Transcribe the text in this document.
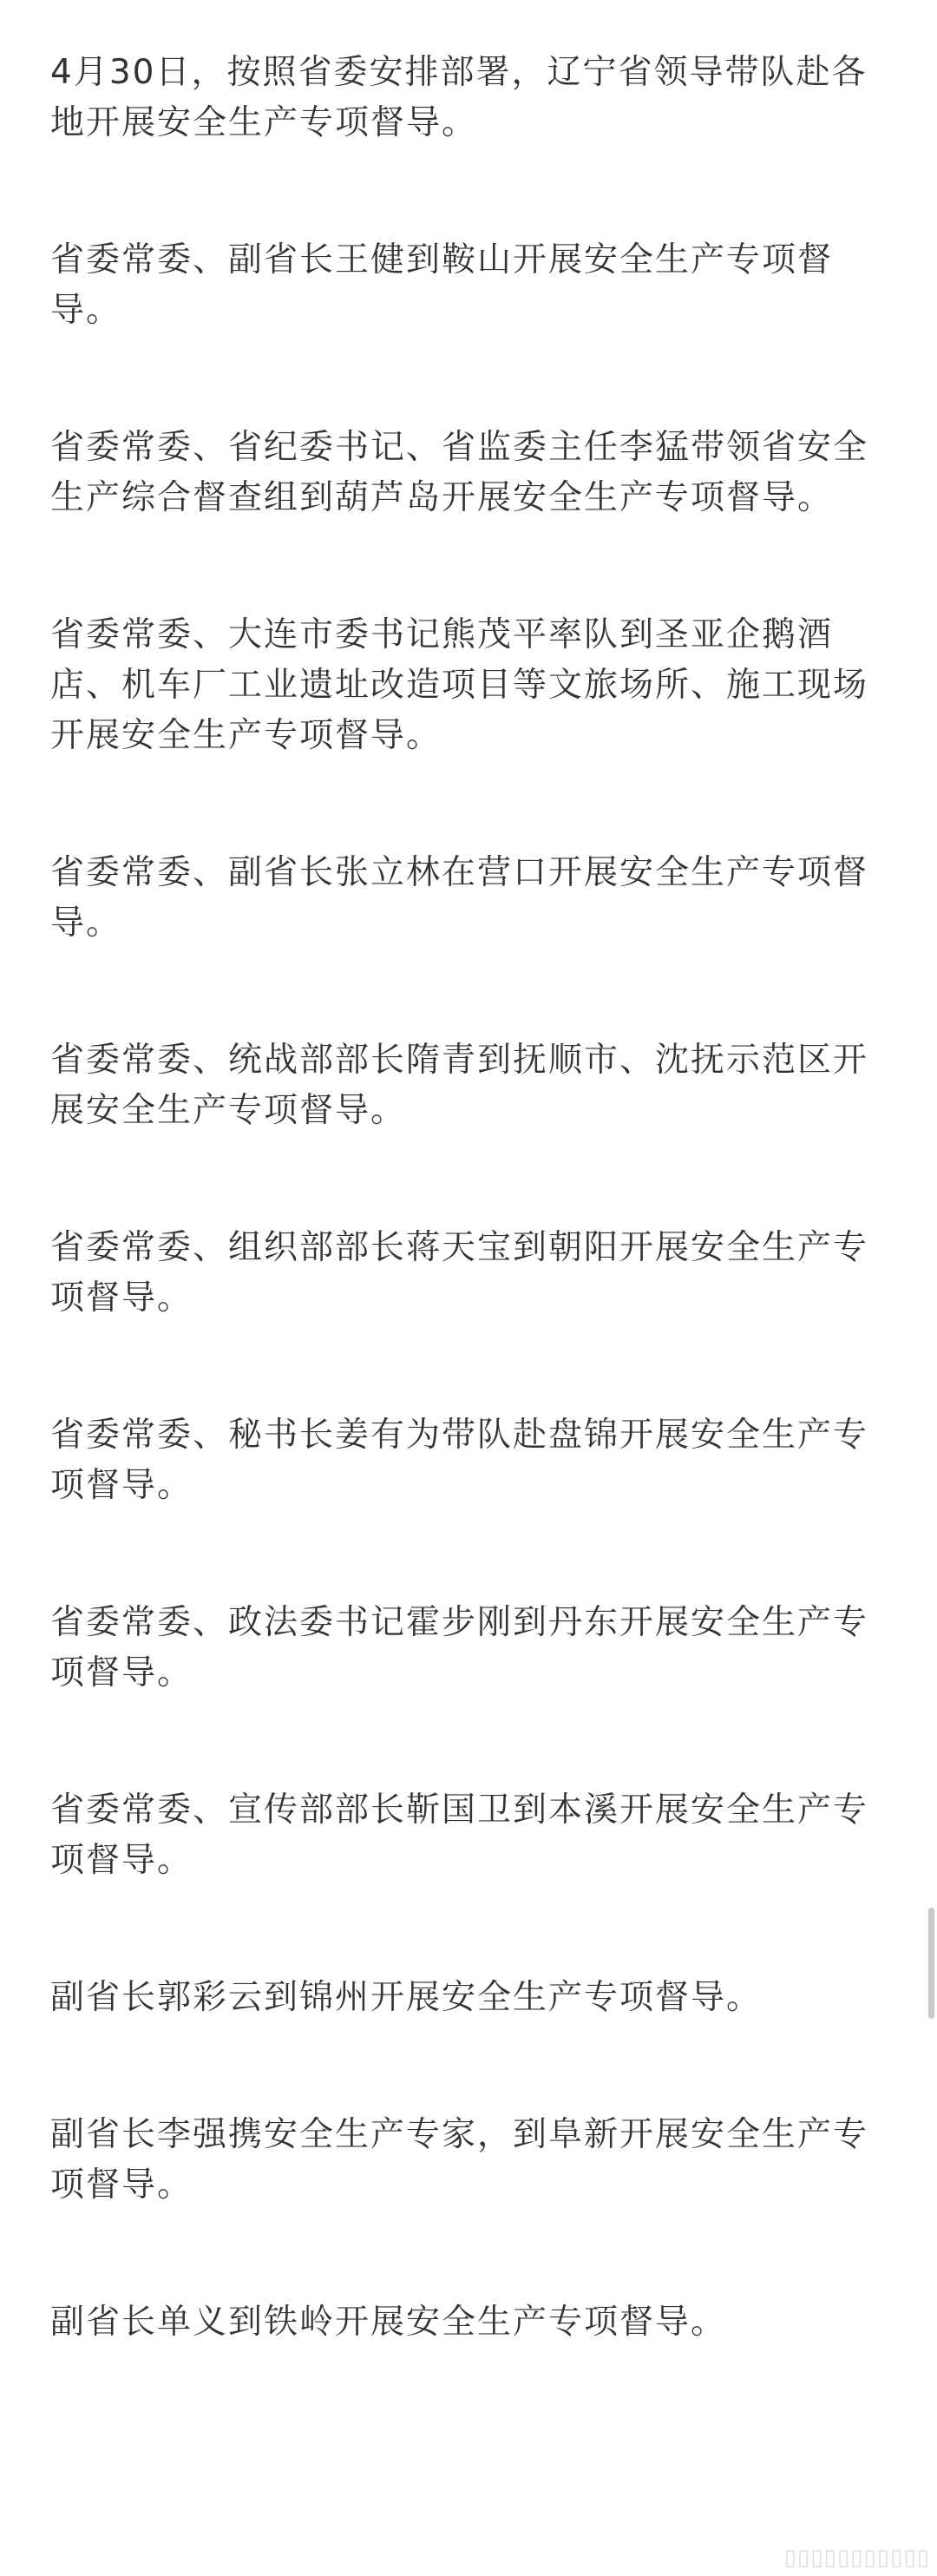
4月30日，按照省委安排部署，辽宁省领导带队赴各地开展安全生产专项督导。

省委常委、副省长王健到鞍山开展安全生产专项督导。

省委常委、省纪委书记、省监委主任李猛带领省安全生产综合督查组到葫芦岛开展安全生产专项督导。

省委常委、大连市委书记熊茂平率队到圣亚企鹅酒店、机车厂工业遗址改造项目等文旅场所、施工现场开展安全生产专项督导。

省委常委、副省长张立林在营口开展安全生产专项督导。

省委常委、统战部部长隋青到抚顺市、沈抚示范区开展安全生产专项督导。

省委常委、组织部部长蒋天宝到朝阳开展安全生产专项督导。

省委常委、秘书长姜有为带队赴盘锦开展安全生产专项督导。

省委常委、政法委书记霍步刚到丹东开展安全生产专项督导。

省委常委、宣传部部长靳国卫到本溪开展安全生产专项督导。

副省长郭彩云到锦州开展安全生产专项督导。

副省长李强携安全生产专家，到阜新开展安全生产专项督导。

副省长单义到铁岭开展安全生产专项督导。

▯▯▯▯▯▯▯▯▯▯▯
